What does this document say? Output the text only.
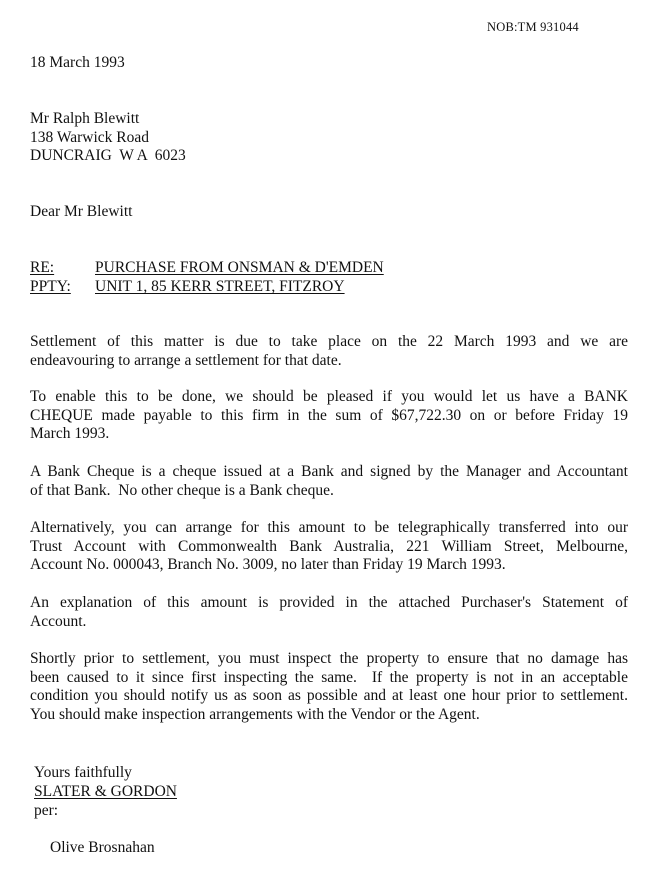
NOB:TM 931044
18 March 1993
Mr Ralph Blewitt
138 Warwick Road
DUNCRAIG  W A  6023
Dear Mr Blewitt
RE:	PURCHASE FROM ONSMAN & D'EMDEN
PPTY: UNIT 1, 85 KERR STREET, FITZROY
Settlement of this matter is due to take place on the 22 March 1993 and we are
endeavouring to arrange a settlement for that date.
To enable this to be done, we should be pleased if you would let us have a BANK
CHEQUE made payable to this firm in the sum of $67,722.30 on or before Friday 19
March 1993.
A Bank Cheque is a cheque issued at a Bank and signed by the Manager and Accountant
of that Bank.  No other cheque is a Bank cheque.
Alternatively, you can arrange for this amount to be telegraphically transferred into our
Trust Account with Commonwealth Bank Australia, 221 William Street, Melbourne,
Account No. 000043, Branch No. 3009, no later than Friday 19 March 1993.
An explanation of this amount is provided in the attached Purchaser's Statement of
Account.
Shortly prior to settlement, you must inspect the property to ensure that no damage has
been caused to it since first inspecting the same.  If the property is not in an acceptable
condition you should notify us as soon as possible and at least one hour prior to settlement.
You should make inspection arrangements with the Vendor or the Agent.
Yours faithfully
SLATER & GORDON
per:
Olive Brosnahan
